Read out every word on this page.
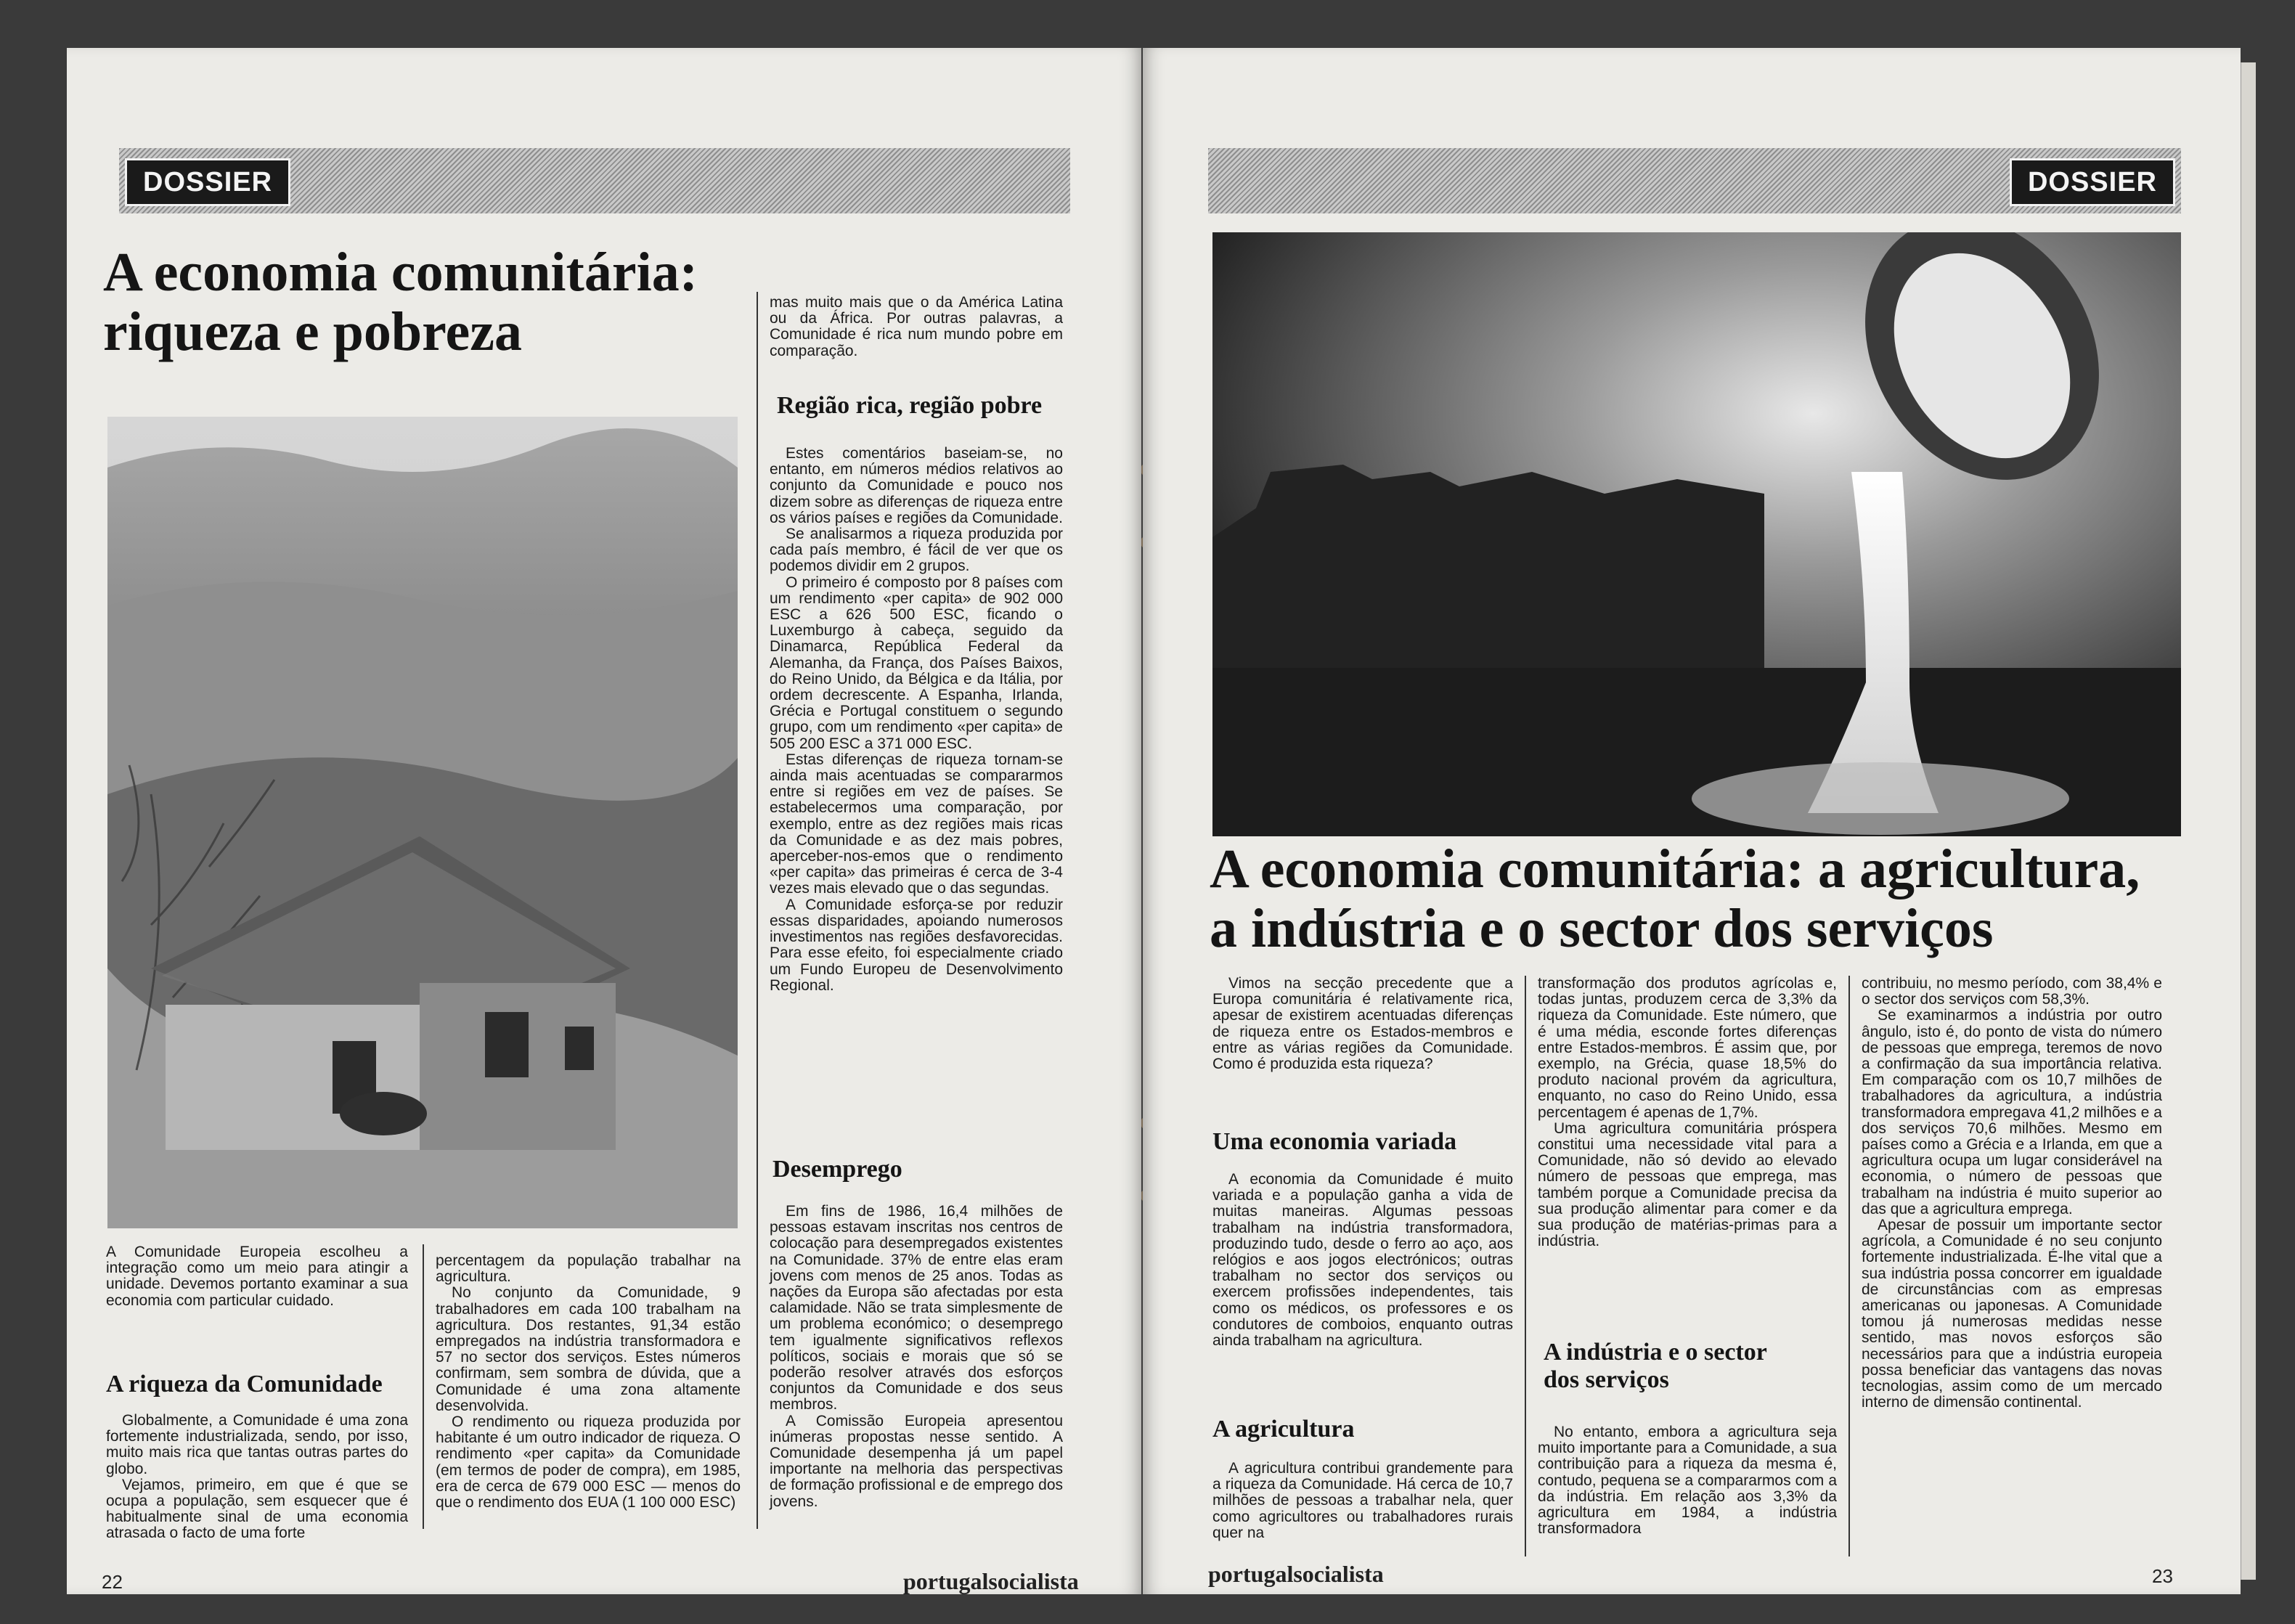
DOSSIER
A economia comunitária:
riqueza e pobreza	mas muito mais que o da América Latina ou da África. Por outras palavras, a Comunidade é rica num mundo pobre em comparação.

Região rica, região pobre

Estes comentários baseiam-se, no entanto, em números médios relativos ao conjunto da Comunidade e pouco nos dizem sobre as diferenças de riqueza entre os vários países e regiões da Comunidade.

Se analisarmos a riqueza produzida por cada país membro, é fácil de ver que os podemos dividir em 2 grupos.

O primeiro é composto por 8 países com um rendimento «per capita» de 902 000 ESC a 626 500 ESC, ficando o Luxemburgo à cabeça, seguido da Dinamarca, República Federal da Alemanha, da França, dos Países Baixos, do Reino Unido, da Bélgica e da Itália, por ordem decrescente. A Espanha, Irlanda, Grécia e Portugal constituem o segundo grupo, com um rendimento «per capita» de 505 200 ESC a 371 000 ESC.

Estas diferenças de riqueza tornam-se ainda mais acentuadas se compararmos entre si regiões em vez de países. Se estabelecermos uma comparação, por exemplo, entre as dez regiões mais ricas da Comunidade e as dez mais pobres, aperceber-nos-emos que o rendimento «per capita» das primeiras é cerca de 3-4 vezes mais elevado que o das segundas.

A Comunidade esforça-se por reduzir essas disparidades, apoiando numerosos investimentos nas regiões desfavorecidas. Para esse efeito, foi especialmente criado um Fundo Europeu de Desenvolvimento Regional.

Desemprego

Em fins de 1986, 16,4 milhões de pessoas estavam inscritas nos centros de colocação para desempregados existentes na Comunidade. 37% de entre elas eram jovens com menos de 25 anos. Todas as nações da Europa são afectadas por esta calamidade. Não se trata simplesmente de um problema económico; o desemprego tem igualmente significativos reflexos políticos, sociais e morais que só se poderão resolver através dos esforços conjuntos da Comunidade e dos seus membros.

A Comissão Europeia apresentou inúmeras propostas nesse sentido. A Comunidade desempenha já um papel importante na melhoria das perspectivas de formação profissional e de emprego dos jovens.

A Comunidade Europeia escolheu a integração como um meio para atingir a unidade. Devemos portanto examinar a sua economia com particular cuidado.

A riqueza da Comunidade

Globalmente, a Comunidade é uma zona fortemente industrializada, sendo, por isso, muito mais rica que tantas outras partes do globo.

Vejamos, primeiro, em que é que se ocupa a população, sem esquecer que é habitualmente sinal de uma economia atrasada o facto de uma forte

percentagem da população trabalhar na agricultura.

No conjunto da Comunidade, 9 trabalhadores em cada 100 trabalham na agricultura. Dos restantes, 91,34 estão empregados na indústria transformadora e 57 no sector dos serviços. Estes números confirmam, sem sombra de dúvida, que a Comunidade é uma zona altamente desenvolvida.

O rendimento ou riqueza produzida por habitante é um outro indicador de riqueza. O rendimento «per capita» da Comunidade (em termos de poder de compra), em 1985, era de cerca de 679 000 ESC — menos do que o rendimento dos EUA (1 100 000 ESC)

22	portugalsocialista
DOSSIER
A economia comunitária: a agricultura,
a indústria e o sector dos serviços

Vimos na secção precedente que a Europa comunitária é relativamente rica, apesar de existirem acentuadas diferenças de riqueza entre os Estados-membros e entre as várias regiões da Comunidade. Como é produzida esta riqueza?

Uma economia variada

A economia da Comunidade é muito variada e a população ganha a vida de muitas maneiras. Algumas pessoas trabalham na indústria transformadora, produzindo tudo, desde o ferro ao aço, aos relógios e aos jogos electrónicos; outras trabalham no sector dos serviços ou exercem profissões independentes, tais como os médicos, os professores e os condutores de comboios, enquanto outras ainda trabalham na agricultura.

A agricultura

A agricultura contribui grandemente para a riqueza da Comunidade. Há cerca de 10,7 milhões de pessoas a trabalhar nela, quer como agricultores ou trabalhadores rurais quer na

transformação dos produtos agrícolas e, todas juntas, produzem cerca de 3,3% da riqueza da Comunidade. Este número, que é uma média, esconde fortes diferenças entre Estados-membros. É assim que, por exemplo, na Grécia, quase 18,5% do produto nacional provém da agricultura, enquanto, no caso do Reino Unido, essa percentagem é apenas de 1,7%.

Uma agricultura comunitária próspera constitui uma necessidade vital para a Comunidade, não só devido ao elevado número de pessoas que emprega, mas também porque a Comunidade precisa da sua produção alimentar para comer e da sua produção de matérias-primas para a indústria.

A indústria e o sector
dos serviços

No entanto, embora a agricultura seja muito importante para a Comunidade, a sua contribuição para a riqueza da mesma é, contudo, pequena se a compararmos com a da indústria. Em relação aos 3,3% da agricultura em 1984, a indústria transformadora

contribuiu, no mesmo período, com 38,4% e o sector dos serviços com 58,3%.

Se examinarmos a indústria por outro ângulo, isto é, do ponto de vista do número de pessoas que emprega, teremos de novo a confirmação da sua importância relativa. Em comparação com os 10,7 milhões de trabalhadores da agricultura, a indústria transformadora empregava 41,2 milhões e a dos serviços 70,6 milhões. Mesmo em países como a Grécia e a Irlanda, em que a agricultura ocupa um lugar considerável na economia, o número de pessoas que trabalham na indústria é muito superior ao das que a agricultura emprega.

Apesar de possuir um importante sector agrícola, a Comunidade é no seu conjunto fortemente industrializada. É-lhe vital que a sua indústria possa concorrer em igualdade de circunstâncias com as empresas americanas ou japonesas. A Comunidade tomou já numerosas medidas nesse sentido, mas novos esforços são necessários para que a indústria europeia possa beneficiar das vantagens das novas tecnologias, assim como de um mercado interno de dimensão continental.

portugalsocialista	23
